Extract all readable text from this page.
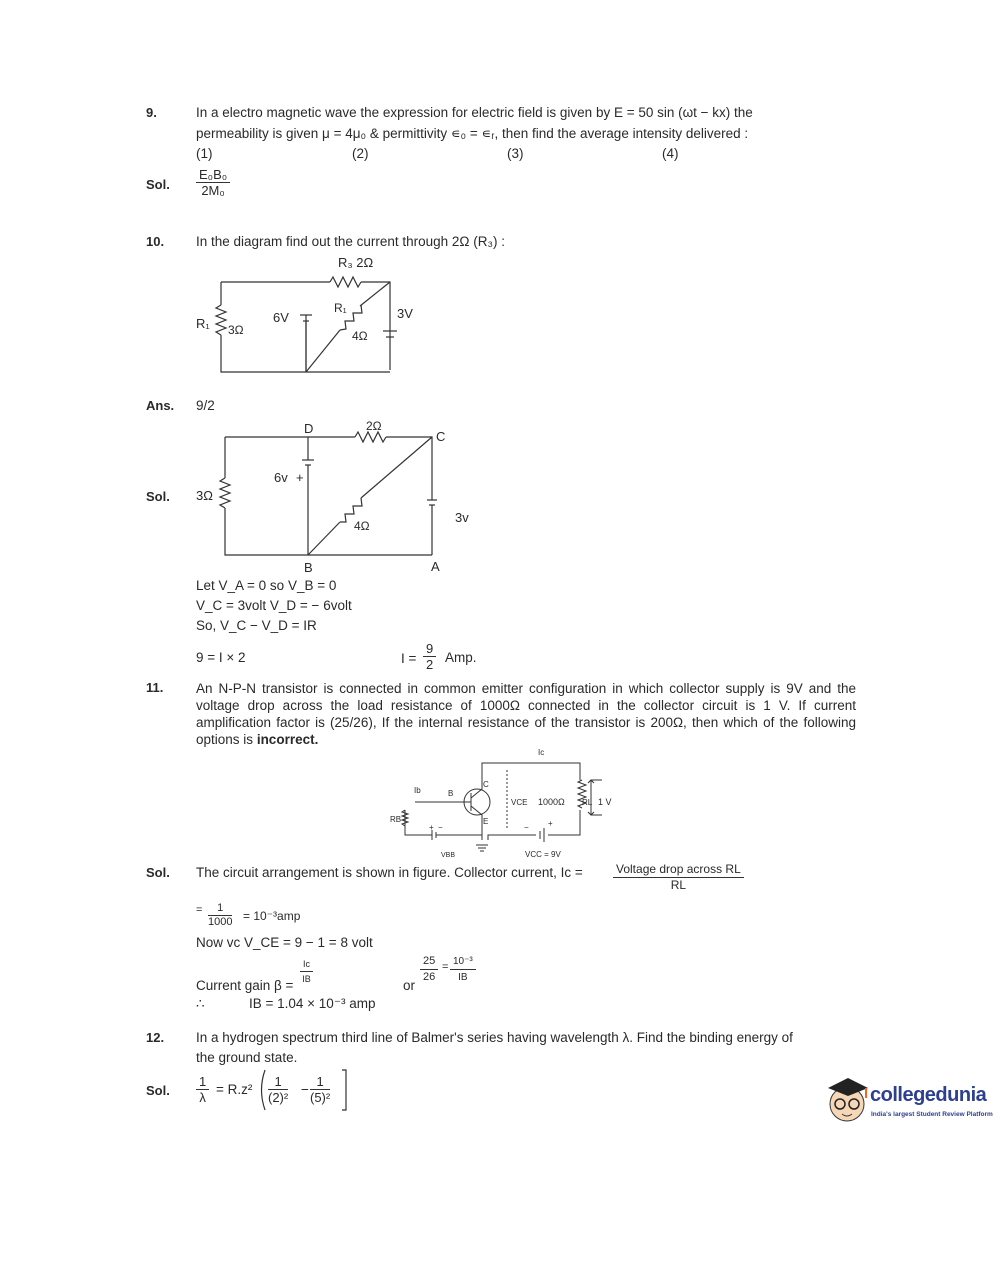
9.	In a electro magnetic wave the expression for electric field is given by E = 50 sin (ωt − kx) the
permeability is given μ = 4μ₀ & permittivity ∊₀ = ∊ᵣ, then find the average intensity delivered :
(1)	(2)	(3)	(4)
Sol. $\frac{\text{E₀B₀}}{\text{2M₀}}$
10. In the diagram find out the current through 2Ω (R₃) :
R₃ 2Ω
R₁ 3Ω
6V
R₁
4Ω
3V
Ans. 9/2
D	2Ω
C
6v +
3Ω
4Ω
3v
B	A
Sol.
Let V_A = 0 so V_B = 0
V_C = 3volt V_D = − 6volt
So, V_C − V_D = IR
9 = I × 2	$I = \frac{9}{2}$ Amp.
11. An N-P-N transistor is connected in common emitter configuration in which collector supply is 9V and the voltage drop across the load resistance of 1000Ω connected in the collector circuit is 1 V. If current amplification factor is (25/26), If the internal resistance of the transistor is 200Ω, then which of the following options is incorrect.
Ic
Ib	B
C
E
VCE 1000Ω RL 1 V
RB
VBB	VCC = 9V
+ −	− +
Sol. The circuit arrangement is shown in figure. Collector current, Ic =	Voltage drop across RL
RL
= $\frac{1}{1000} = 10^{-3}amp$
Now vc V_CE = 9 − 1 = 8 volt
Current gain $\beta = \frac{Ic}{IB}$	or
$\frac{25}{26} = \frac{\text{10⁻³}}{IB}$
∴	IB = 1.04 × 10⁻³ amp
12. In a hydrogen spectrum third line of Balmer's series having wavelength λ. Find the binding energy of
the ground state.
Sol. $\frac{1}{\lambda} = R.z^2 \frac{1}{\text{(2)²}} - \frac{1}{\text{(5)²}}$	collegedunia
India's largest Student Review Platform
